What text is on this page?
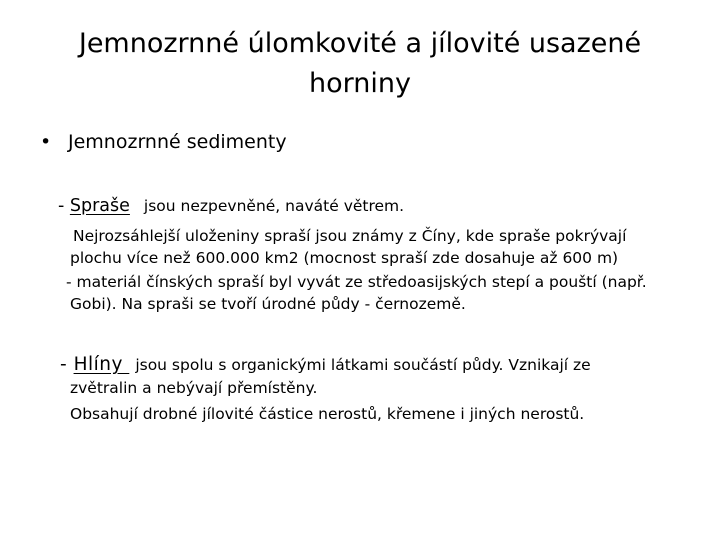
Jemnozrnné úlomkovité a jílovité usazené
horniny
• Jemnozrnné sedimenty
- Spraše jsou nezpevněné, naváté větrem.
Nejrozsáhlejší uloženiny spraší jsou známy z Číny, kde spraše pokrývají
plochu více než 600.000 km2 (mocnost spraší zde dosahuje až 600 m)
- materiál čínských spraší byl vyvát ze středoasijských stepí a pouští (např.
Gobi). Na spraši se tvoří úrodné půdy - černozemě.
- Hlíny jsou spolu s organickými látkami součástí půdy. Vznikají ze
zvětralin a nebývají přemístěny.
Obsahují drobné jílovité částice nerostů, křemene i jiných nerostů.
